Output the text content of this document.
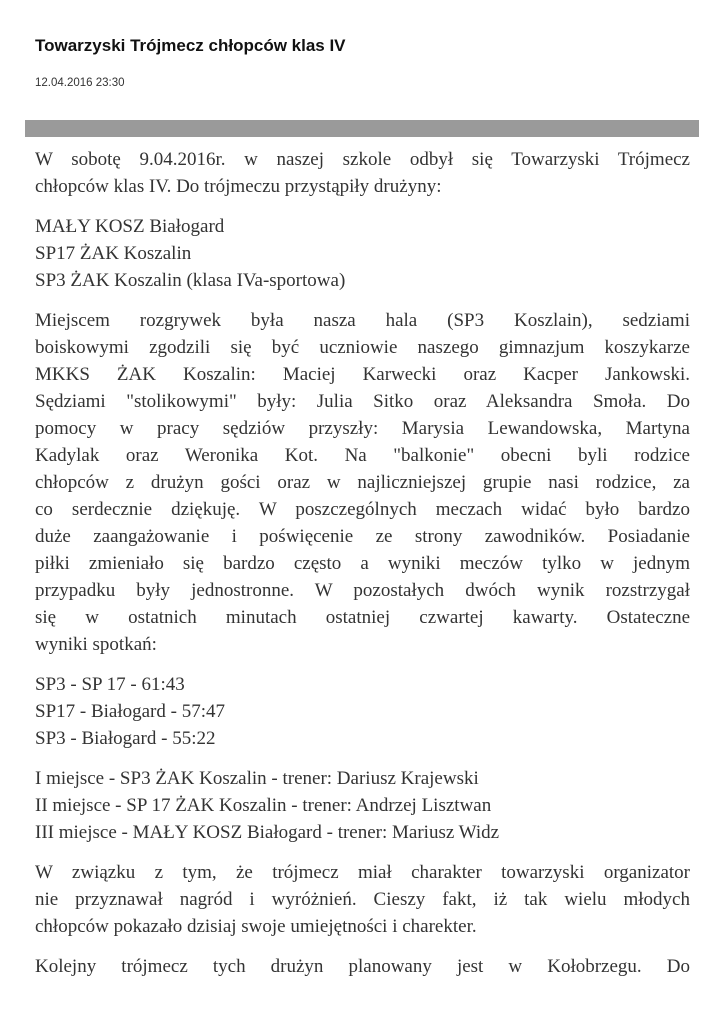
Towarzyski Trójmecz chłopców klas IV
12.04.2016 23:30

W sobotę 9.04.2016r. w naszej szkole odbył się Towarzyski Trójmecz
chłopców klas IV. Do trójmeczu przystąpiły drużyny:

MAŁY KOSZ Białogard
SP17 ŻAK Koszalin
SP3 ŻAK Koszalin (klasa IVa-sportowa)

Miejscem rozgrywek była nasza hala (SP3 Koszlain), sedziami
boiskowymi zgodzili się być uczniowie naszego gimnazjum koszykarze
MKKS ŻAK Koszalin: Maciej Karwecki oraz Kacper Jankowski.
Sędziami "stolikowymi" były: Julia Sitko oraz Aleksandra Smoła. Do
pomocy w pracy sędziów przyszły: Marysia Lewandowska, Martyna
Kadylak oraz Weronika Kot. Na "balkonie" obecni byli rodzice
chłopców z drużyn gości oraz w najliczniejszej grupie nasi rodzice, za
co serdecznie dziękuję. W poszczególnych meczach widać było bardzo
duże zaangażowanie i poświęcenie ze strony zawodników. Posiadanie
piłki zmieniało się bardzo często a wyniki meczów tylko w jednym
przypadku były jednostronne. W pozostałych dwóch wynik rozstrzygał
się w ostatnich minutach ostatniej czwartej kawarty. Ostateczne
wyniki spotkań:

SP3 - SP 17 - 61:43
SP17 - Białogard - 57:47
SP3 - Białogard - 55:22

I miejsce - SP3 ŻAK Koszalin - trener: Dariusz Krajewski
II miejsce - SP 17 ŻAK Koszalin - trener: Andrzej Lisztwan
III miejsce - MAŁY KOSZ Białogard - trener: Mariusz Widz

W związku z tym, że trójmecz miał charakter towarzyski organizator
nie przyznawał nagród i wyróżnień. Cieszy fakt, iż tak wielu młodych
chłopców pokazało dzisiaj swoje umiejętności i charekter.

Kolejny trójmecz tych drużyn planowany jest w Kołobrzegu. Do
